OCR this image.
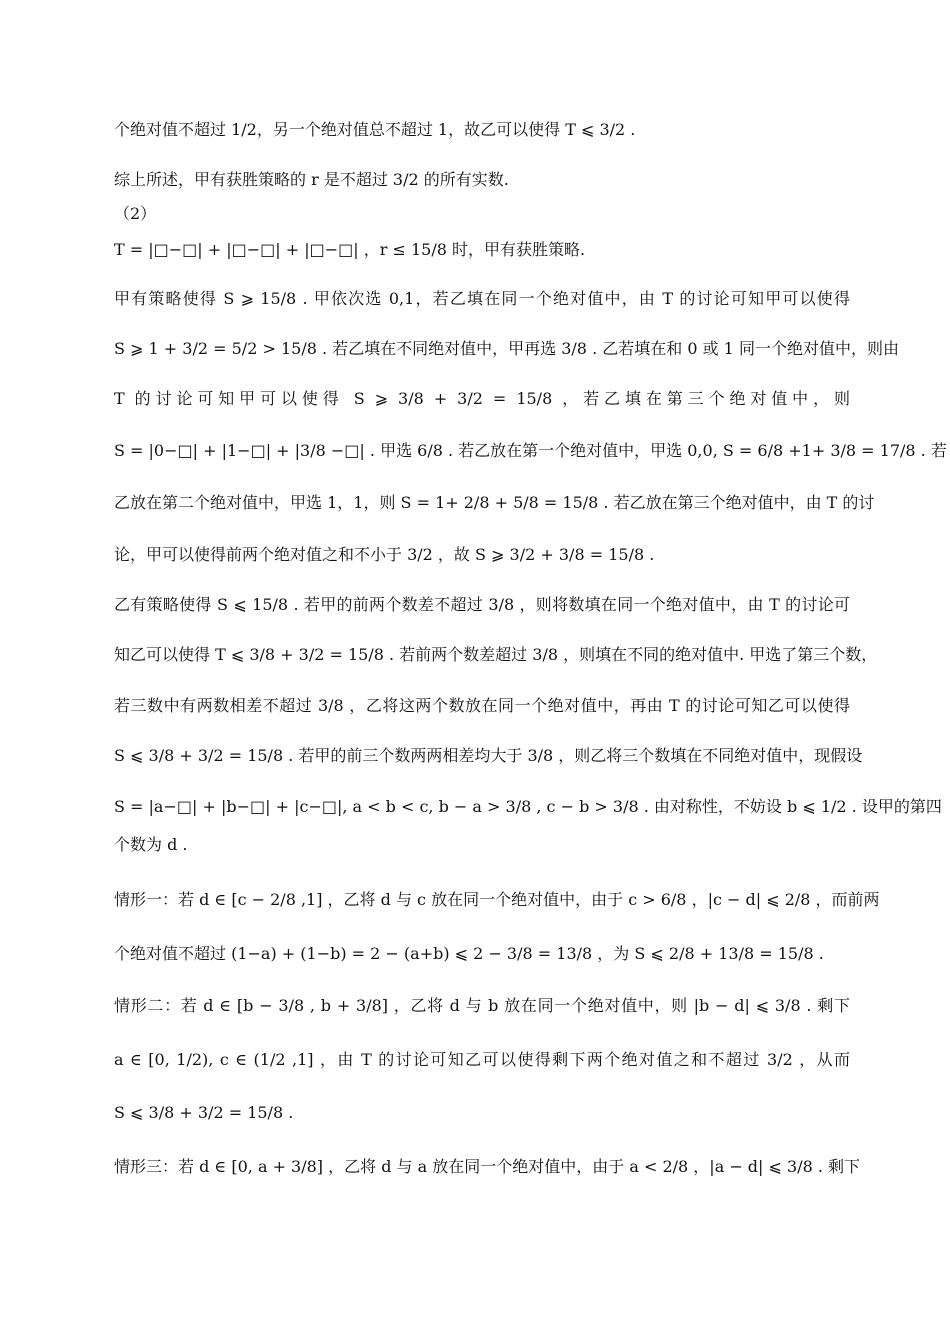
个绝对值不超过 1/2，另一个绝对值总不超过 1，故乙可以使得 T ⩽ 3/2 .
综上所述，甲有获胜策略的 r 是不超过 3/2 的所有实数.
（2）
T = |□−□| + |□−□| + |□−□| ，r ≤ 15/8 时，甲有获胜策略.
甲有策略使得 S ⩾ 15/8 . 甲依次选 0,1，若乙填在同一个绝对值中，由 T 的讨论可知甲可以使得
S ⩾ 1 + 3/2 = 5/2 > 15/8 . 若乙填在不同绝对值中，甲再选 3/8 . 乙若填在和 0 或 1 同一个绝对值中，则由
T 的讨论可知甲可以使得 S ⩾ 3/8 + 3/2 = 15/8 ，若乙填在第三个绝对值中，则
S = |0−□| + |1−□| + |3/8 −□| . 甲选 6/8 . 若乙放在第一个绝对值中，甲选 0,0, S = 6/8 +1+ 3/8 = 17/8 . 若
乙放在第二个绝对值中，甲选 1，1，则 S = 1+ 2/8 + 5/8 = 15/8 . 若乙放在第三个绝对值中，由 T 的讨
论，甲可以使得前两个绝对值之和不小于 3/2 ，故 S ⩾ 3/2 + 3/8 = 15/8 .
乙有策略使得 S ⩽ 15/8 . 若甲的前两个数差不超过 3/8 ，则将数填在同一个绝对值中，由 T 的讨论可
知乙可以使得 T ⩽ 3/8 + 3/2 = 15/8 . 若前两个数差超过 3/8 ，则填在不同的绝对值中. 甲选了第三个数，
若三数中有两数相差不超过 3/8 ，乙将这两个数放在同一个绝对值中，再由 T 的讨论可知乙可以使得
S ⩽ 3/8 + 3/2 = 15/8 . 若甲的前三个数两两相差均大于 3/8 ，则乙将三个数填在不同绝对值中，现假设
S = |a−□| + |b−□| + |c−□|, a < b < c, b − a > 3/8 , c − b > 3/8 . 由对称性，不妨设 b ⩽ 1/2 . 设甲的第四
个数为 d .
情形一：若 d ∈ [c − 2/8 ,1] ，乙将 d 与 c 放在同一个绝对值中，由于 c > 6/8 ，|c − d| ⩽ 2/8 ，而前两
个绝对值不超过 (1−a) + (1−b) = 2 − (a+b) ⩽ 2 − 3/8 = 13/8 ，为 S ⩽ 2/8 + 13/8 = 15/8 .
情形二：若 d ∈ [b − 3/8 , b + 3/8] ，乙将 d 与 b 放在同一个绝对值中，则 |b − d| ⩽ 3/8 . 剩下
a ∈ [0, 1/2), c ∈ (1/2 ,1] ，由 T 的讨论可知乙可以使得剩下两个绝对值之和不超过 3/2 ，从而
S ⩽ 3/8 + 3/2 = 15/8 .
情形三：若 d ∈ [0, a + 3/8] ，乙将 d 与 a 放在同一个绝对值中，由于 a < 2/8 ，|a − d| ⩽ 3/8 . 剩下
